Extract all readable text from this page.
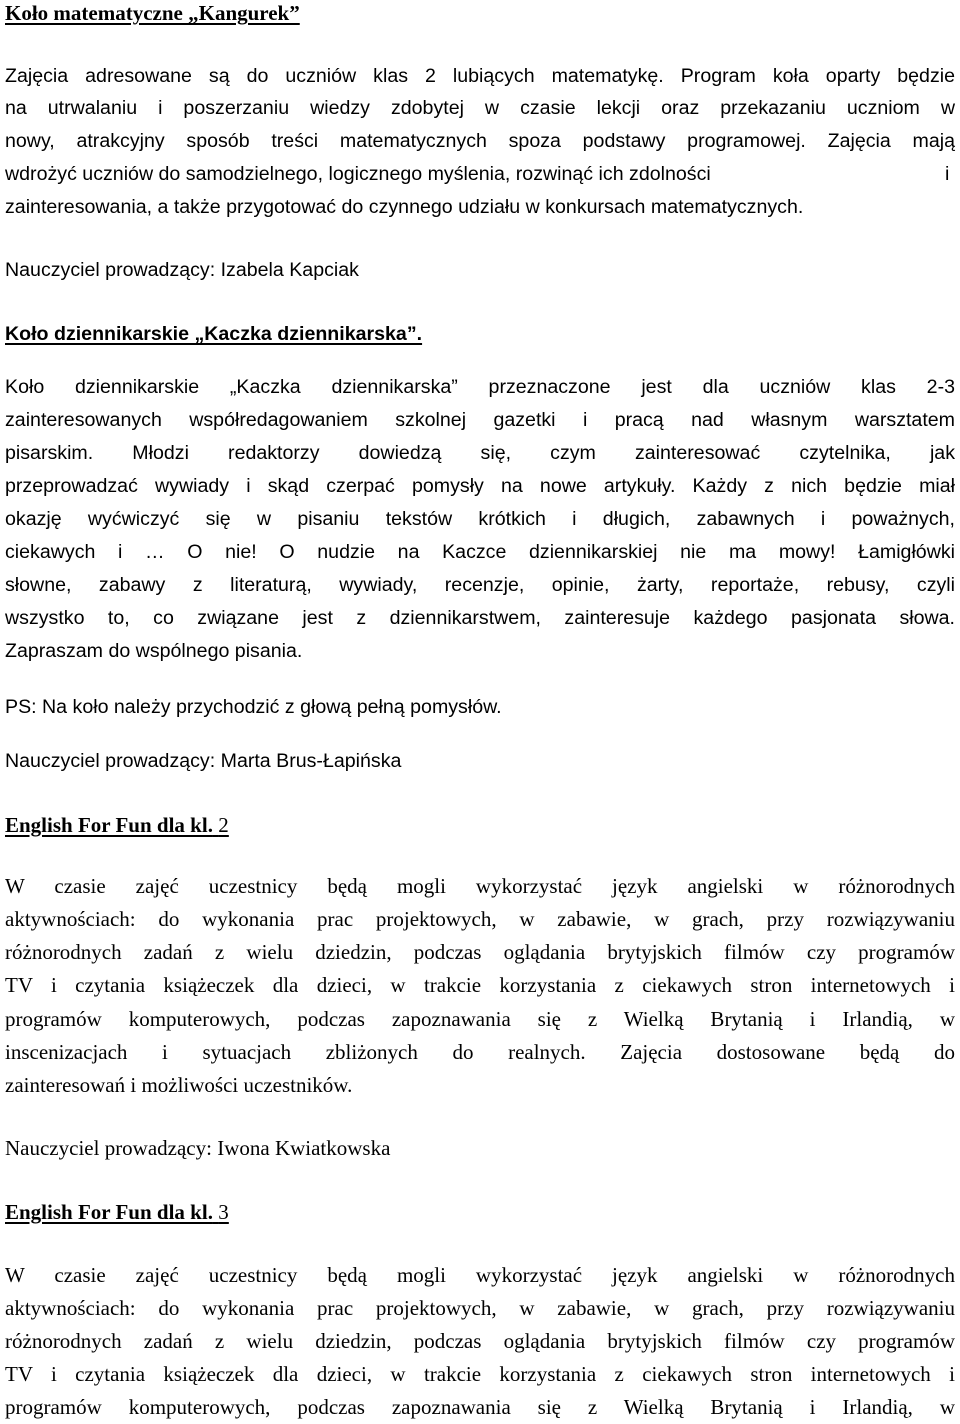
Koło matematyczne „Kangurek”
Zajęcia adresowane są do uczniów klas 2 lubiących matematykę. Program koła oparty będzie
na utrwalaniu i poszerzaniu wiedzy zdobytej w czasie lekcji oraz przekazaniu uczniom w
nowy, atrakcyjny sposób treści matematycznych spoza podstawy programowej. Zajęcia mają
wdrożyć uczniów do samodzielnego, logicznego myślenia, rozwinąć ich zdolności	i
zainteresowania, a także przygotować do czynnego udziału w konkursach matematycznych.
Nauczyciel prowadzący: Izabela Kapciak
Koło dziennikarskie „Kaczka dziennikarska”.
Koło dziennikarskie „Kaczka dziennikarska” przeznaczone jest dla uczniów klas 2-3
zainteresowanych współredagowaniem szkolnej gazetki i pracą nad własnym warsztatem
pisarskim. Młodzi redaktorzy dowiedzą się, czym zainteresować czytelnika, jak
przeprowadzać wywiady i skąd czerpać pomysły na nowe artykuły. Każdy z nich będzie miał
okazję wyćwiczyć się w pisaniu tekstów krótkich i długich, zabawnych i poważnych,
ciekawych i … O nie! O nudzie na Kaczce dziennikarskiej nie ma mowy! Łamigłówki
słowne, zabawy z literaturą, wywiady, recenzje, opinie, żarty, reportaże, rebusy, czyli
wszystko to, co związane jest z dziennikarstwem, zainteresuje każdego pasjonata słowa.
Zapraszam do wspólnego pisania.
PS: Na koło należy przychodzić z głową pełną pomysłów.
Nauczyciel prowadzący: Marta Brus-Łapińska
English For Fun dla kl. 2
W czasie zajęć uczestnicy będą mogli wykorzystać język angielski w różnorodnych
aktywnościach: do wykonania prac projektowych, w zabawie, w grach, przy rozwiązywaniu
różnorodnych zadań z wielu dziedzin, podczas oglądania brytyjskich filmów czy programów
TV i czytania książeczek dla dzieci, w trakcie korzystania z ciekawych stron internetowych i
programów komputerowych, podczas zapoznawania się z Wielką Brytanią i Irlandią, w
inscenizacjach i sytuacjach zbliżonych do realnych. Zajęcia dostosowane będą do
zainteresowań i możliwości uczestników.
Nauczyciel prowadzący: Iwona Kwiatkowska
English For Fun dla kl. 3
W czasie zajęć uczestnicy będą mogli wykorzystać język angielski w różnorodnych
aktywnościach: do wykonania prac projektowych, w zabawie, w grach, przy rozwiązywaniu
różnorodnych zadań z wielu dziedzin, podczas oglądania brytyjskich filmów czy programów
TV i czytania książeczek dla dzieci, w trakcie korzystania z ciekawych stron internetowych i
programów komputerowych, podczas zapoznawania się z Wielką Brytanią i Irlandią, w
